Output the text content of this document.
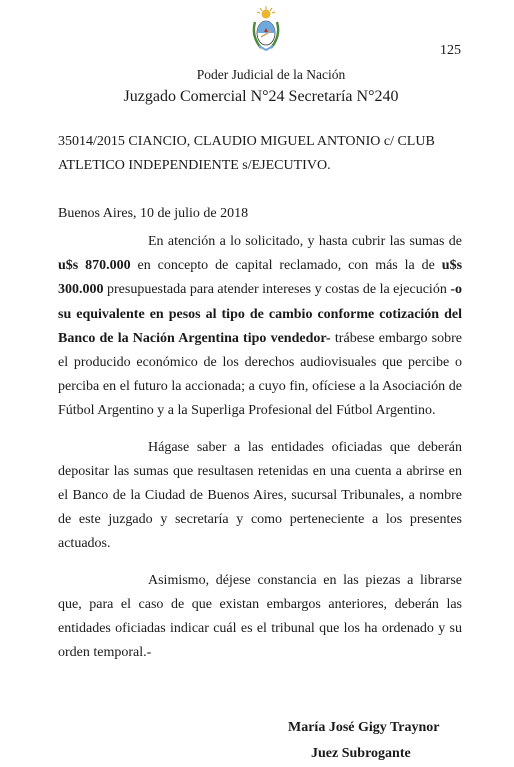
125
Poder Judicial de la Nación
Juzgado Comercial N°24 Secretaría N°240
35014/2015 CIANCIO, CLAUDIO MIGUEL ANTONIO c/ CLUB
ATLETICO INDEPENDIENTE s/EJECUTIVO.
Buenos Aires, 10 de julio de 2018

En atención a lo solicitado, y hasta cubrir las sumas de u$s 870.000 en concepto de capital reclamado, con más la de u$s 300.000 presupuestada para atender intereses y costas de la ejecución -o su equivalente en pesos al tipo de cambio conforme cotización del Banco de la Nación Argentina tipo vendedor- trábese embargo sobre el producido económico de los derechos audiovisuales que percibe o perciba en el futuro la accionada; a cuyo fin, ofíciese a la Asociación de Fútbol Argentino y a la Superliga Profesional del Fútbol Argentino.

Hágase saber a las entidades oficiadas que deberán depositar las sumas que resultasen retenidas en una cuenta a abrirse en el Banco de la Ciudad de Buenos Aires, sucursal Tribunales, a nombre de este juzgado y secretaría y como perteneciente a los presentes actuados.

Asimismo, déjese constancia en las piezas a librarse que, para el caso de que existan embargos anteriores, deberán las entidades oficiadas indicar cuál es el tribunal que los ha ordenado y su orden temporal.-

María José Gigy Traynor
Juez Subrogante
